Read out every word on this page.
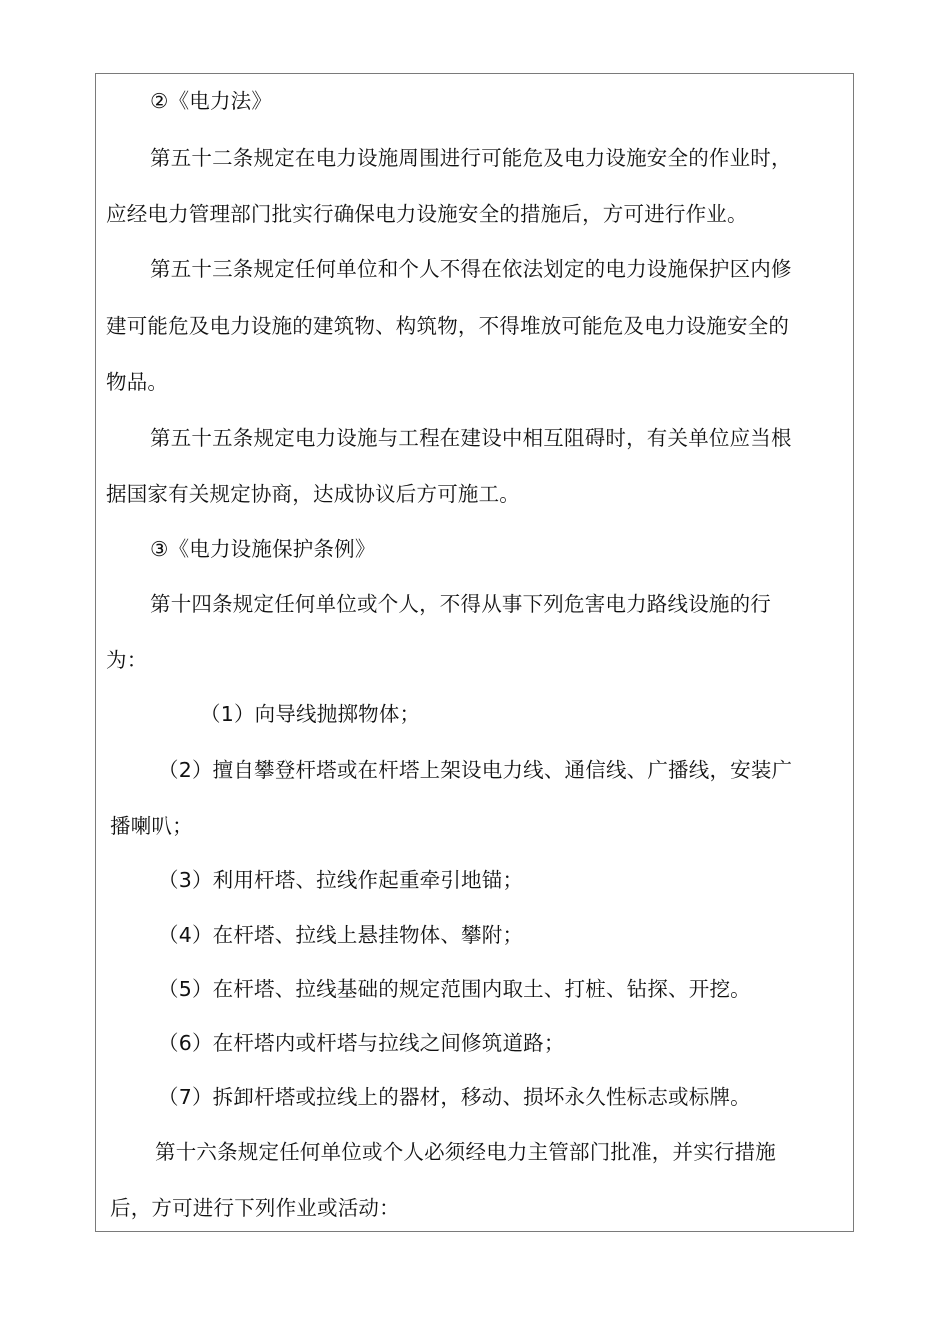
②《电力法》
第五十二条规定在电力设施周围进行可能危及电力设施安全的作业时，
应经电力管理部门批实行确保电力设施安全的措施后，方可进行作业。
第五十三条规定任何单位和个人不得在依法划定的电力设施保护区内修
建可能危及电力设施的建筑物、构筑物，不得堆放可能危及电力设施安全的
物品。
第五十五条规定电力设施与工程在建设中相互阻碍时，有关单位应当根
据国家有关规定协商，达成协议后方可施工。
③《电力设施保护条例》
第十四条规定任何单位或个人，不得从事下列危害电力路线设施的行
为：
（1）向导线抛掷物体；
（2）擅自攀登杆塔或在杆塔上架设电力线、通信线、广播线，安装广
播喇叭；
（3）利用杆塔、拉线作起重牵引地锚；
（4）在杆塔、拉线上悬挂物体、攀附；
（5）在杆塔、拉线基础的规定范围内取土、打桩、钻探、开挖。
（6）在杆塔内或杆塔与拉线之间修筑道路；
（7）拆卸杆塔或拉线上的器材，移动、损坏永久性标志或标牌。
第十六条规定任何单位或个人必须经电力主管部门批准，并实行措施
后，方可进行下列作业或活动：
